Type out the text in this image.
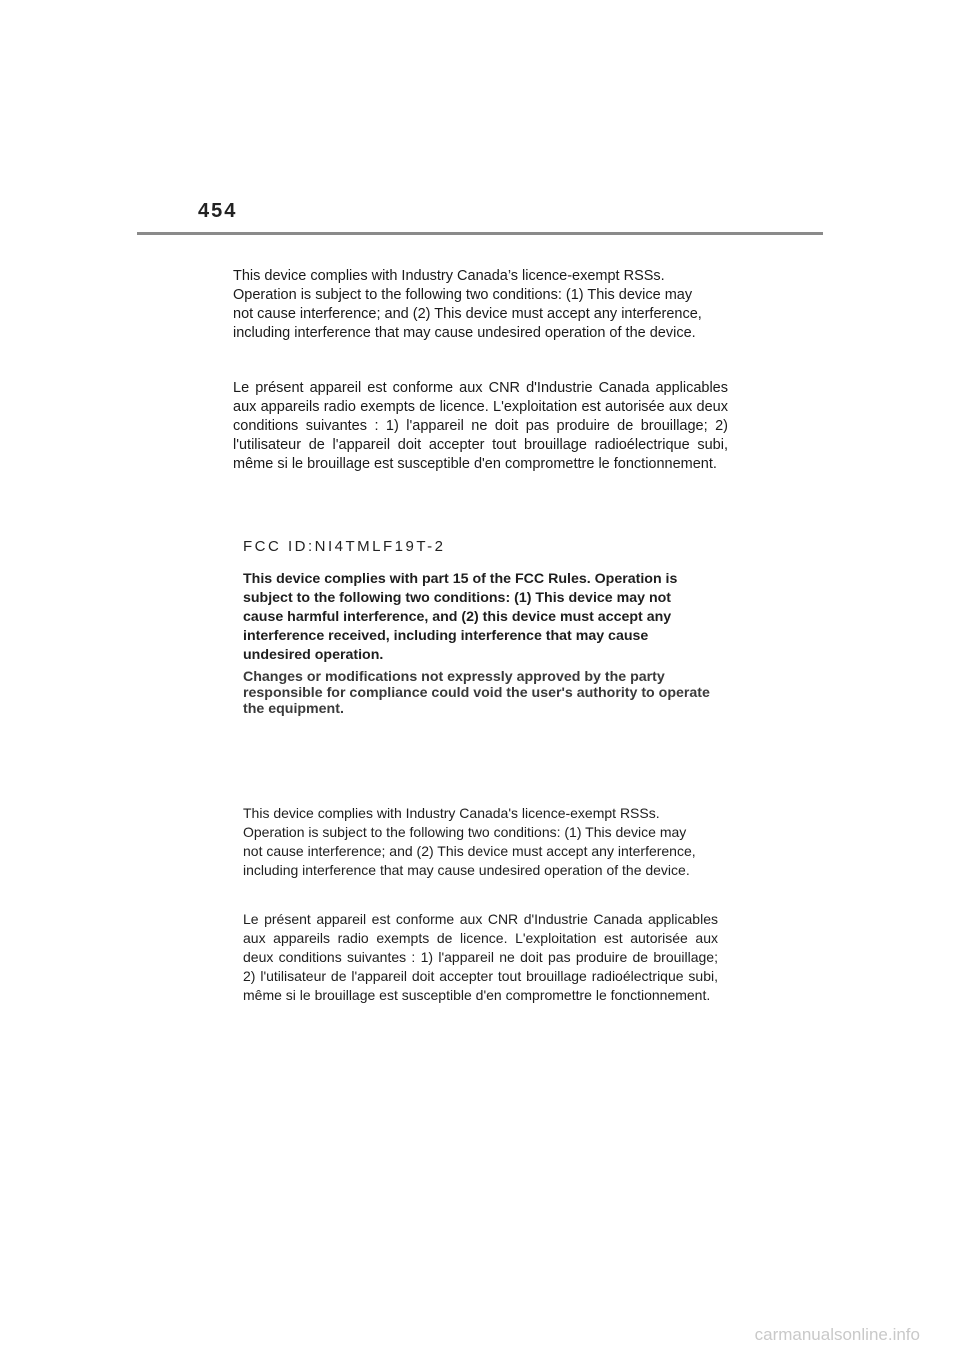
454

This device complies with Industry Canada’s licence-exempt RSSs. Operation is subject to the following two conditions: (1) This device may not cause interference; and (2) This device must accept any interference, including interference that may cause undesired operation of the device.

Le présent appareil est conforme aux CNR d'Industrie Canada applicables aux appareils radio exempts de licence. L'exploitation est autorisée aux deux conditions suivantes : 1) l'appareil ne doit pas produire de brouillage; 2) l'utilisateur de l'appareil doit accepter tout brouillage radioélectrique subi, même si le brouillage est susceptible d'en compromettre le fonctionnement.

FCC ID:NI4TMLF19T-2

This device complies with part 15 of the FCC Rules. Operation is subject to the following two conditions: (1) This device may not cause harmful interference, and (2) this device must accept any interference received, including interference that may cause undesired operation.

Changes or modifications not expressly approved by the party responsible for compliance could void the user's authority to operate the equipment.

This device complies with Industry Canada's licence-exempt RSSs. Operation is subject to the following two conditions: (1) This device may not cause interference; and (2) This device must accept any interference, including interference that may cause undesired operation of the device.

Le présent appareil est conforme aux CNR d'Industrie Canada applicables aux appareils radio exempts de licence. L'exploitation est autorisée aux deux conditions suivantes : 1) l'appareil ne doit pas produire de brouillage; 2) l'utilisateur de l'appareil doit accepter tout brouillage radioélectrique subi, même si le brouillage est susceptible d'en compromettre le fonctionnement.

carmanualsonline.info
